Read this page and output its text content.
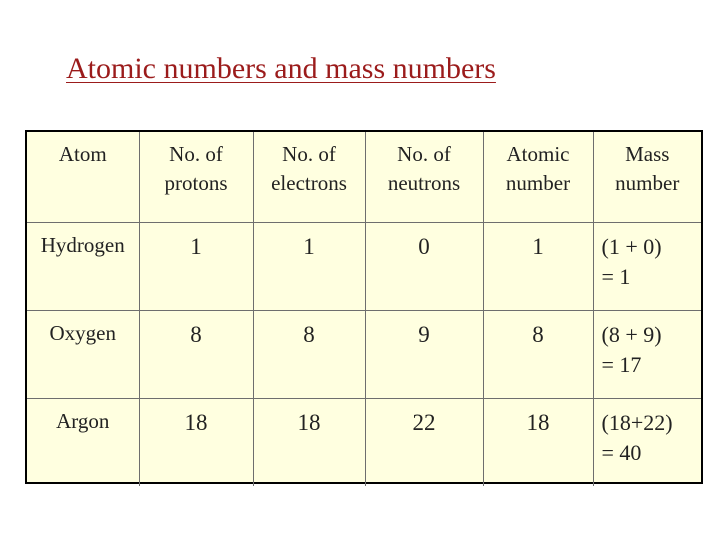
Atomic numbers and mass numbers
Atom	No. of protons	No. of electrons	No. of neutrons	Atomic number	Mass number
Hydrogen	1	1	0	1	(1 + 0)
= 1

Oxygen	8	8	9	8	(8 + 9)
= 17

Argon	18	18	22	18	(18+22)
= 40
